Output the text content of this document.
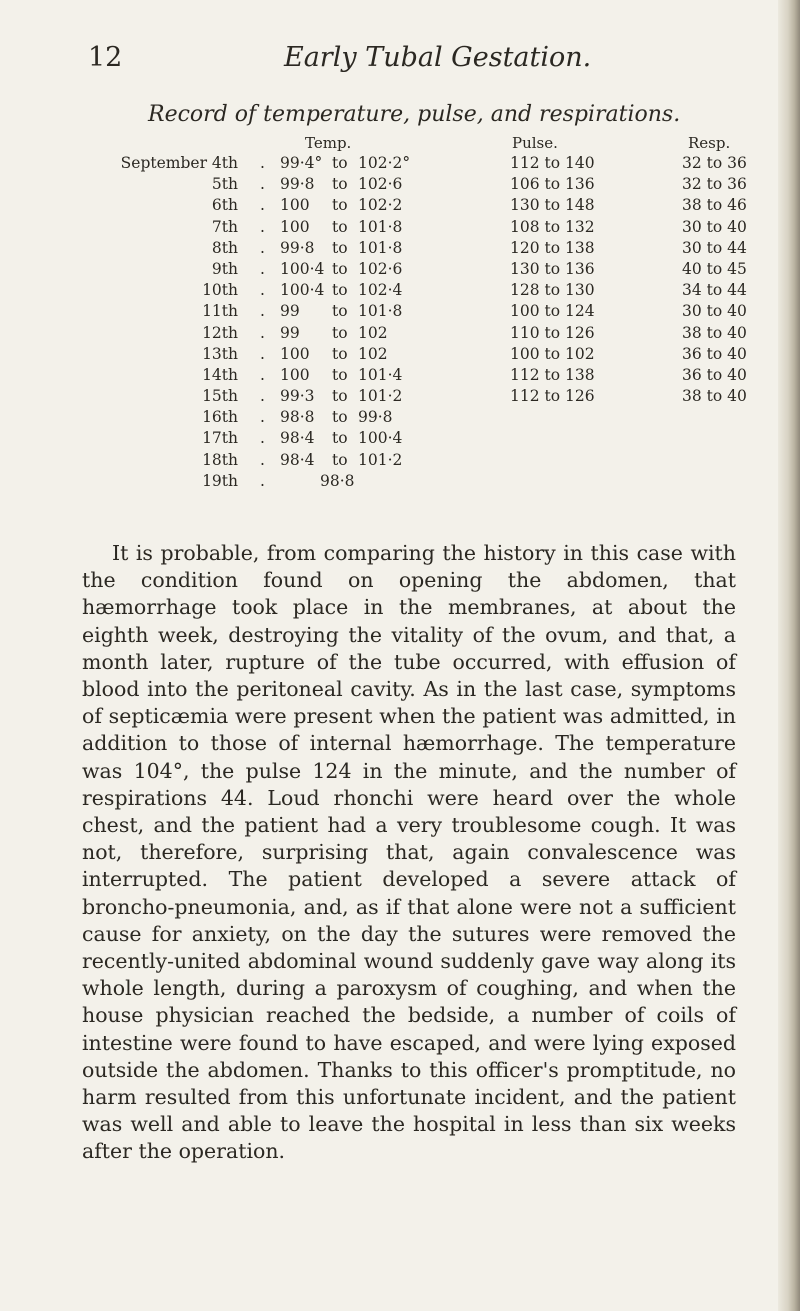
12	Early Tubal Gestation.
Record of temperature, pulse, and respirations.
Temp.	Pulse.	Resp.
September 4th . 99·4° to 102·2°	112 to 140	32 to 36
5th . 99·8	to 102·6	106 to 136	32 to 36
6th . 100	to 102·2	130 to 148	38 to 46
7th . 100	to 101·8	108 to 132	30 to 40
8th . 99·8	to 101·8	120 to 138	30 to 44
9th . 100·4 to 102·6	130 to 136	40 to 45
10th . 100·4 to 102·4	128 to 130	34 to 44
11th . 99	to 101·8	100 to 124	30 to 40
12th . 99	to 102	110 to 126	38 to 40
13th . 100	to 102	100 to 102	36 to 40
14th . 100	to 101·4	112 to 138	36 to 40
15th . 99·3	to 101·2	112 to 126	38 to 40
16th . 98·8	to 99·8
17th . 98·4	to 100·4
18th . 98·4	to 101·2
19th .	98·8

It is probable, from comparing the history in this case with the condition found on opening the abdomen, that hæmorrhage took place in the membranes, at about the eighth week, destroying the vitality of the ovum, and that, a month later, rupture of the tube occurred, with effusion of blood into the peritoneal cavity. As in the last case, symptoms of septicæmia were present when the patient was admitted, in addition to those of internal hæmorrhage. The temperature was 104°, the pulse 124 in the minute, and the number of respirations 44. Loud rhonchi were heard over the whole chest, and the patient had a very troublesome cough. It was not, therefore, surprising that, again convalescence was interrupted. The patient developed a severe attack of broncho-pneumonia, and, as if that alone were not a sufficient cause for anxiety, on the day the sutures were removed the recently-united abdominal wound suddenly gave way along its whole length, during a paroxysm of coughing, and when the house physician reached the bedside, a number of coils of intestine were found to have escaped, and were lying exposed outside the abdomen. Thanks to this officer's promptitude, no harm resulted from this unfortunate incident, and the patient was well and able to leave the hospital in less than six weeks after the operation.
